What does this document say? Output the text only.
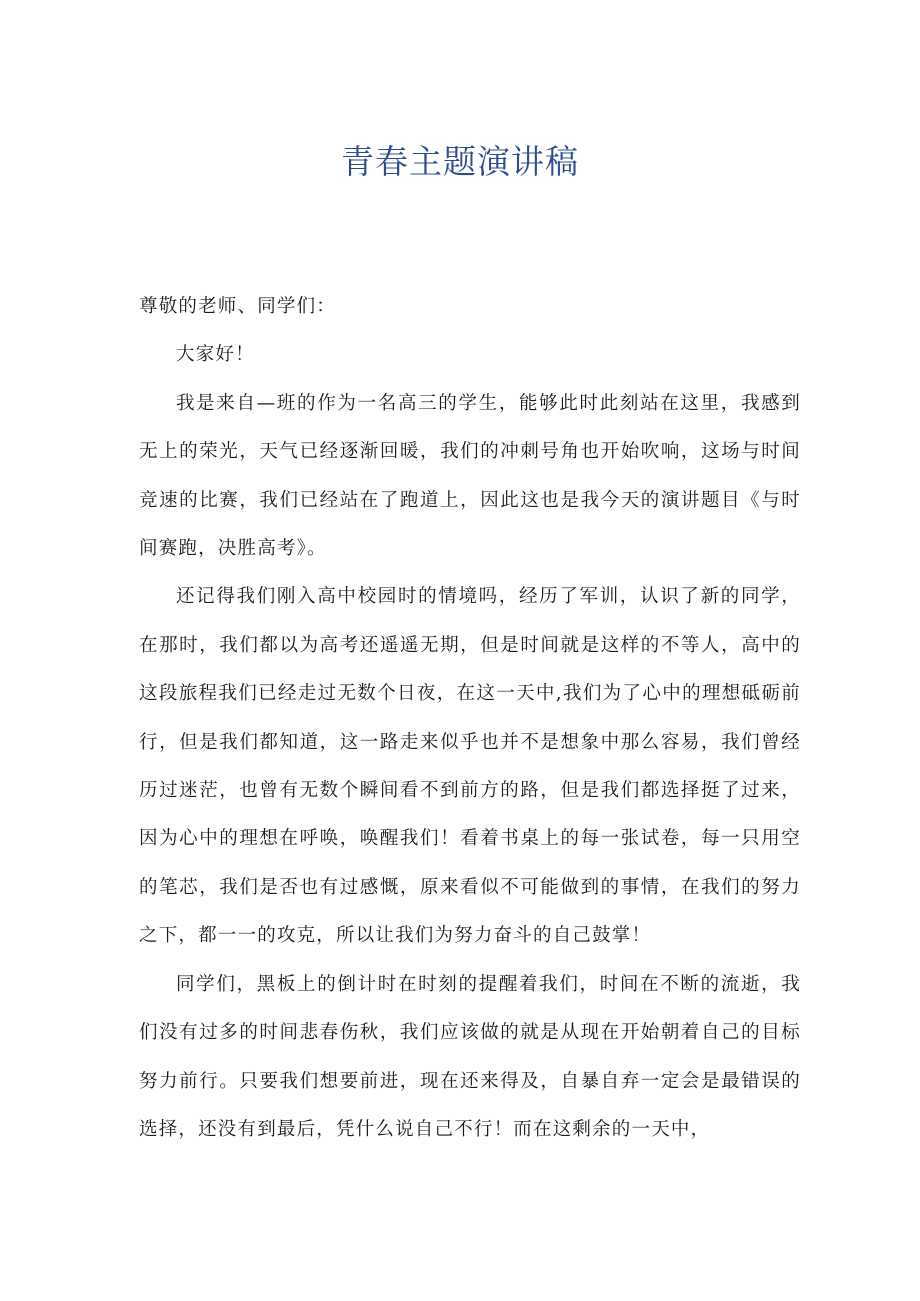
青春主题演讲稿

尊敬的老师、同学们：

大家好！

我是来自—班的作为一名高三的学生，能够此时此刻站在这里，我感到无上的荣光，天气已经逐渐回暖，我们的冲刺号角也开始吹响，这场与时间竞速的比赛，我们已经站在了跑道上，因此这也是我今天的演讲题目《与时间赛跑，决胜高考》。

还记得我们刚入高中校园时的情境吗，经历了军训，认识了新的同学，在那时，我们都以为高考还遥遥无期，但是时间就是这样的不等人，高中的这段旅程我们已经走过无数个日夜，在这一天中,我们为了心中的理想砥砺前行，但是我们都知道，这一路走来似乎也并不是想象中那么容易，我们曾经历过迷茫，也曾有无数个瞬间看不到前方的路，但是我们都选择挺了过来，因为心中的理想在呼唤，唤醒我们！看着书桌上的每一张试卷，每一只用空的笔芯，我们是否也有过感慨，原来看似不可能做到的事情，在我们的努力之下，都一一的攻克，所以让我们为努力奋斗的自己鼓掌！

同学们，黑板上的倒计时在时刻的提醒着我们，时间在不断的流逝，我们没有过多的时间悲春伤秋，我们应该做的就是从现在开始朝着自己的目标努力前行。只要我们想要前进，现在还来得及，自暴自弃一定会是最错误的选择，还没有到最后，凭什么说自己不行！而在这剩余的一天中，
